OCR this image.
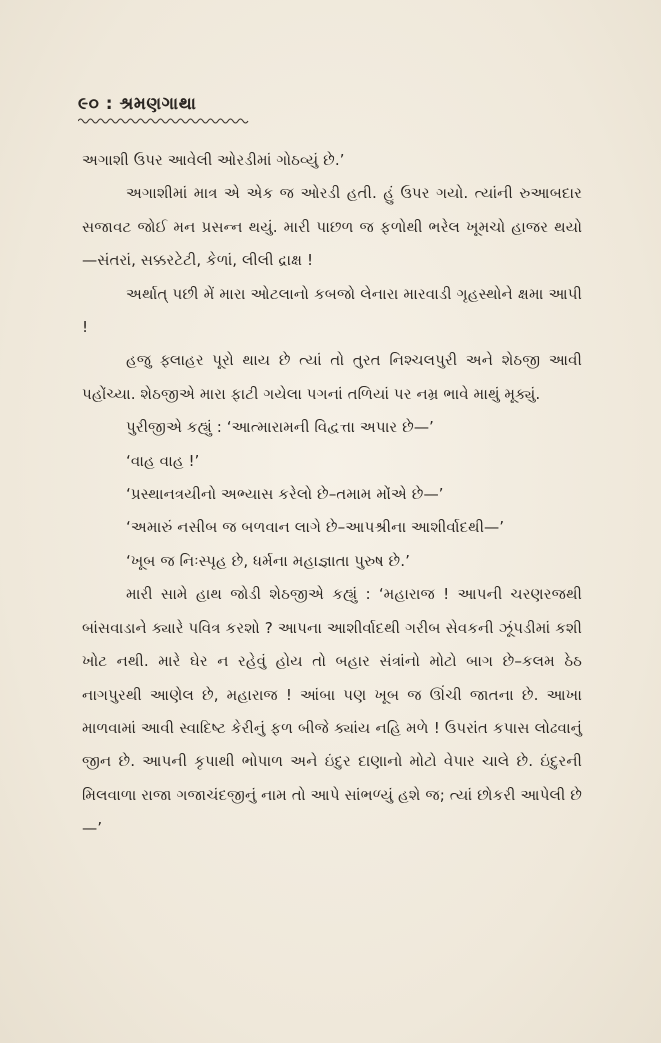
૯૦ : શ્રમણગાથા

અગાશી ઉપર આવેલી ઓરડીમાં ગોઠવ્યું છે.’

અગાશીમાં માત્ર એ એક જ ઓરડી હતી. હું ઉપર ગયો. ત્યાંની રુઆબદાર સજાવટ જોઈ મન પ્રસન્ન થયું. મારી પાછળ જ ફળોથી ભરેલ ખૂમચો હાજર થયો—સંતરાં, સક્કરટેટી, કેળાં, લીલી દ્રાક્ષ !

અર્થાત્ પછી મેં મારા ઓટલાનો કબજો લેનારા મારવાડી ગૃહસ્થોને ક્ષમા આપી !

હજુ ફ્લાહર પૂરો થાય છે ત્યાં તો તુરત નિશ્ચલપુરી અને શેઠજી આવી પહોંચ્યા. શેઠજીએ મારા ફાટી ગયેલા પગનાં તળિયાં પર નમ્ર ભાવે માથું મૂક્યું.

પુરીજીએ કહ્યું : ‘આત્મારામની વિદ્વત્તા અપાર છે—’

‘વાહ વાહ !’

‘પ્રસ્થાનત્રયીનો અભ્યાસ કરેલો છે–તમામ મોંએ છે—’

‘અમારું નસીબ જ બળવાન લાગે છે–આપશ્રીના આશીર્વાદથી—’

‘ખૂબ જ નિઃસ્પૃહ છે, ધર્મના મહાજ્ઞાતા પુરુષ છે.’

મારી સામે હાથ જોડી શેઠજીએ કહ્યું : ‘મહારાજ ! આપની ચરણરજથી બાંસવાડાને ક્યારે પવિત્ર કરશો ? આપના આશીર્વાદથી ગરીબ સેવકની ઝૂંપડીમાં કશી ખોટ નથી. મારે ઘેર ન રહેવું હોય તો બહાર સંત્રાંનો મોટો બાગ છે–કલમ ઠેઠ નાગપુરથી આણેલ છે, મહારાજ ! આંબા પણ ખૂબ જ ઊંચી જાતના છે. આખા માળવામાં આવી સ્વાદિષ્ટ કેરીનું ફળ બીજે ક્યાંય નહિ મળે ! ઉપરાંત કપાસ લોઢવાનું જીન છે. આપની કૃપાથી ભોપાળ અને ઇંદુર દાણાનો મોટો વેપાર ચાલે છે. ઇંદુરની મિલવાળા રાજા ગજાચંદજીનું નામ તો આપે સાંભળ્યું હશે જ; ત્યાં છોકરી આપેલી છે—’
